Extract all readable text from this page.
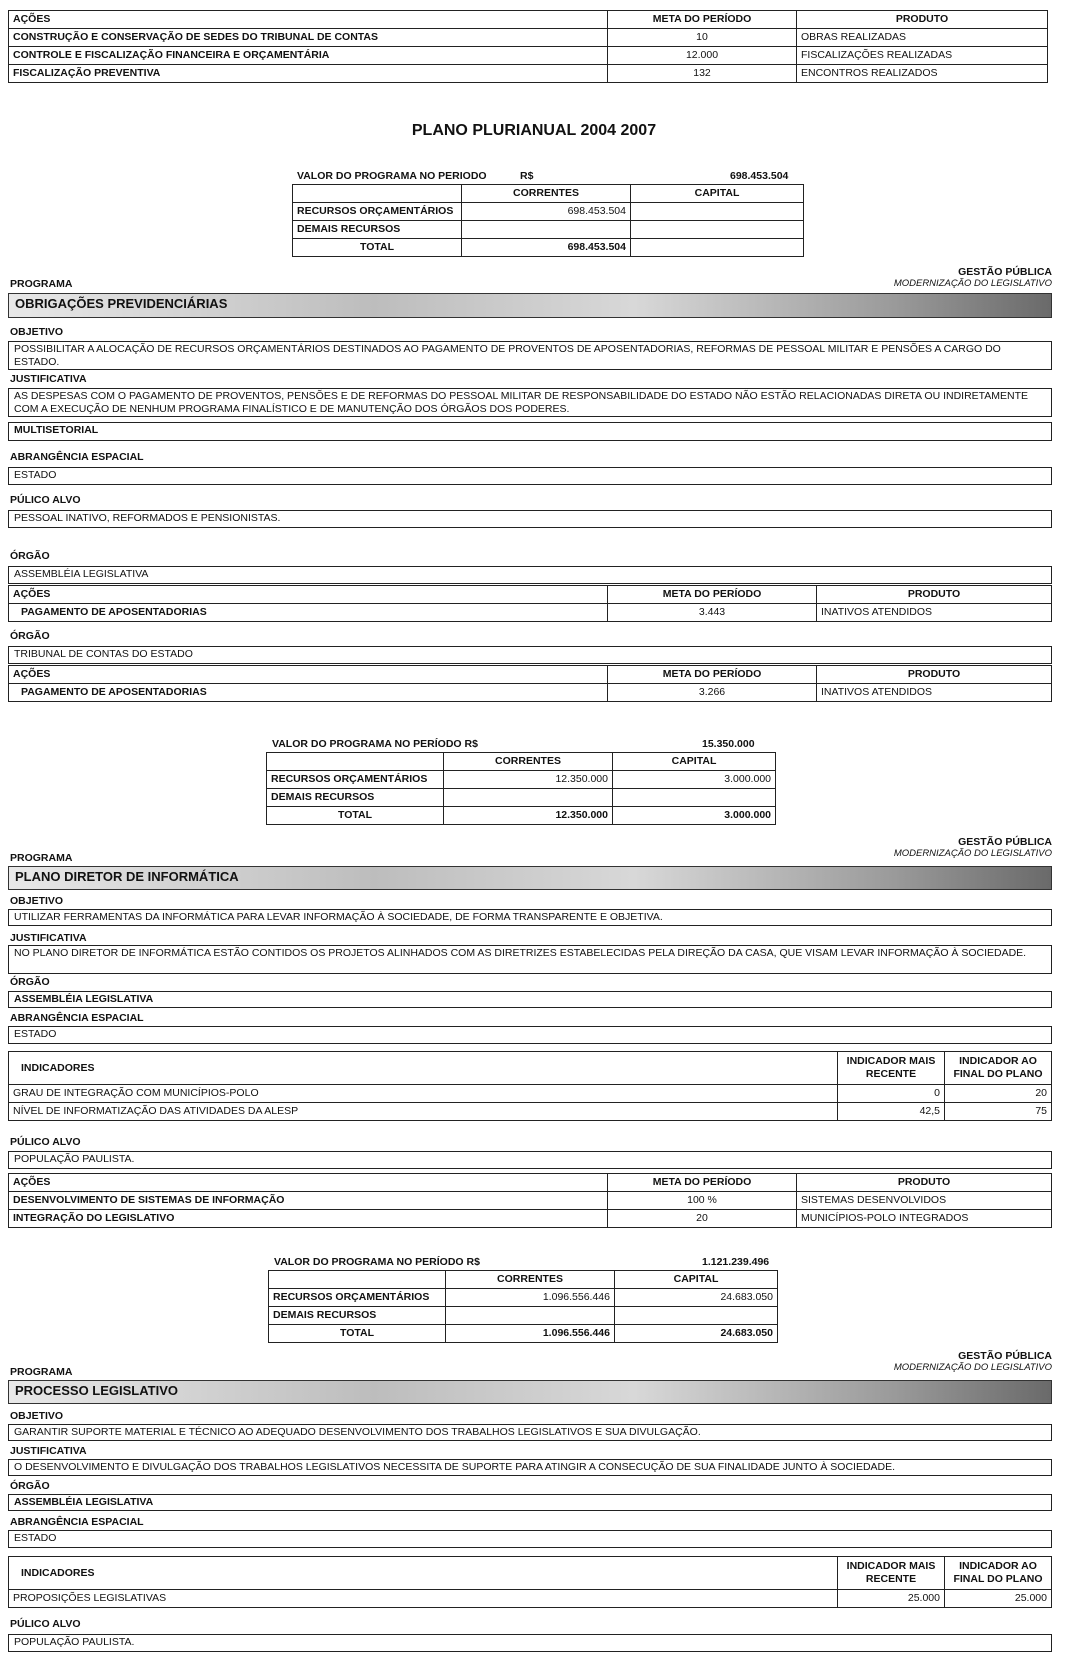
AÇÕES	META DO PERÍODO	PRODUTO
CONSTRUÇÃO E CONSERVAÇÃO DE SEDES DO TRIBUNAL DE CONTAS	10	OBRAS REALIZADAS
CONTROLE E FISCALIZAÇÃO FINANCEIRA E ORÇAMENTÁRIA	12.000	FISCALIZAÇÕES REALIZADAS
FISCALIZAÇÃO PREVENTIVA	132	ENCONTROS REALIZADOS
PLANO PLURIANUAL 2004 2007
VALOR DO PROGRAMA NO PERIODO	R$	698.453.504
	CORRENTES	CAPITAL
RECURSOS ORÇAMENTÁRIOS	698.453.504	
DEMAIS RECURSOS		
TOTAL	698.453.504	
GESTÃO PÚBLICA
MODERNIZAÇÃO DO LEGISLATIVO
PROGRAMA
OBRIGAÇÕES PREVIDENCIÁRIAS
OBJETIVO
POSSIBILITAR A ALOCAÇÃO DE RECURSOS ORÇAMENTÁRIOS DESTINADOS AO PAGAMENTO DE PROVENTOS DE APOSENTADORIAS, REFORMAS DE PESSOAL MILITAR E PENSÕES A CARGO DO ESTADO.
JUSTIFICATIVA
AS DESPESAS COM O PAGAMENTO DE PROVENTOS, PENSÕES E DE REFORMAS DO PESSOAL MILITAR DE RESPONSABILIDADE DO ESTADO NÃO ESTÃO RELACIONADAS DIRETA OU INDIRETAMENTE COM A EXECUÇÃO DE NENHUM PROGRAMA FINALÍSTICO E DE MANUTENÇÃO DOS ÓRGÃOS DOS PODERES.
MULTISETORIAL
ABRANGÊNCIA ESPACIAL
ESTADO
PÚLICO ALVO
PESSOAL INATIVO, REFORMADOS E PENSIONISTAS.
ÓRGÃO
ASSEMBLÉIA LEGISLATIVA
AÇÕES	META DO PERÍODO	PRODUTO
PAGAMENTO DE APOSENTADORIAS	3.443	INATIVOS ATENDIDOS
ÓRGÃO
TRIBUNAL DE CONTAS DO ESTADO
AÇÕES	META DO PERÍODO	PRODUTO
PAGAMENTO DE APOSENTADORIAS	3.266	INATIVOS ATENDIDOS
VALOR DO PROGRAMA NO PERÍODO R$	15.350.000
	CORRENTES	CAPITAL
RECURSOS ORÇAMENTÁRIOS	12.350.000	3.000.000
DEMAIS RECURSOS		
TOTAL	12.350.000	3.000.000
GESTÃO PÚBLICA
MODERNIZAÇÃO DO LEGISLATIVO
PROGRAMA
PLANO DIRETOR DE INFORMÁTICA
OBJETIVO
UTILIZAR FERRAMENTAS DA INFORMÁTICA PARA LEVAR INFORMAÇÃO À SOCIEDADE, DE FORMA TRANSPARENTE E OBJETIVA.
JUSTIFICATIVA
NO PLANO DIRETOR DE INFORMÁTICA ESTÃO CONTIDOS OS PROJETOS ALINHADOS COM AS DIRETRIZES ESTABELECIDAS PELA DIREÇÃO DA CASA, QUE VISAM LEVAR INFORMAÇÃO À SOCIEDADE.
ÓRGÃO
ASSEMBLÉIA LEGISLATIVA
ABRANGÊNCIA ESPACIAL
ESTADO
INDICADORES	INDICADOR MAIS RECENTE	INDICADOR AO FINAL DO PLANO
GRAU DE INTEGRAÇÃO COM MUNICÍPIOS-POLO	0	20
NÍVEL DE INFORMATIZAÇÃO DAS ATIVIDADES DA ALESP	42,5	75
PÚLICO ALVO
POPULAÇÃO PAULISTA.
AÇÕES	META DO PERÍODO	PRODUTO
DESENVOLVIMENTO DE SISTEMAS DE INFORMAÇÃO	100 %	SISTEMAS DESENVOLVIDOS
INTEGRAÇÃO DO LEGISLATIVO	20	MUNICÍPIOS-POLO INTEGRADOS
VALOR DO PROGRAMA NO PERÍODO R$	1.121.239.496
	CORRENTES	CAPITAL
RECURSOS ORÇAMENTÁRIOS	1.096.556.446	24.683.050
DEMAIS RECURSOS		
TOTAL	1.096.556.446	24.683.050
GESTÃO PÚBLICA
MODERNIZAÇÃO DO LEGISLATIVO
PROGRAMA
PROCESSO LEGISLATIVO
OBJETIVO
GARANTIR SUPORTE MATERIAL E TÉCNICO AO ADEQUADO DESENVOLVIMENTO DOS TRABALHOS LEGISLATIVOS E SUA DIVULGAÇÃO.
JUSTIFICATIVA
O DESENVOLVIMENTO E DIVULGAÇÃO DOS TRABALHOS LEGISLATIVOS NECESSITA DE SUPORTE PARA ATINGIR A CONSECUÇÃO DE SUA FINALIDADE JUNTO À SOCIEDADE.
ÓRGÃO
ASSEMBLÉIA LEGISLATIVA
ABRANGÊNCIA ESPACIAL
ESTADO
INDICADORES	INDICADOR MAIS RECENTE	INDICADOR AO FINAL DO PLANO
PROPOSIÇÕES LEGISLATIVAS	25.000	25.000
PÚLICO ALVO
POPULAÇÃO PAULISTA.
